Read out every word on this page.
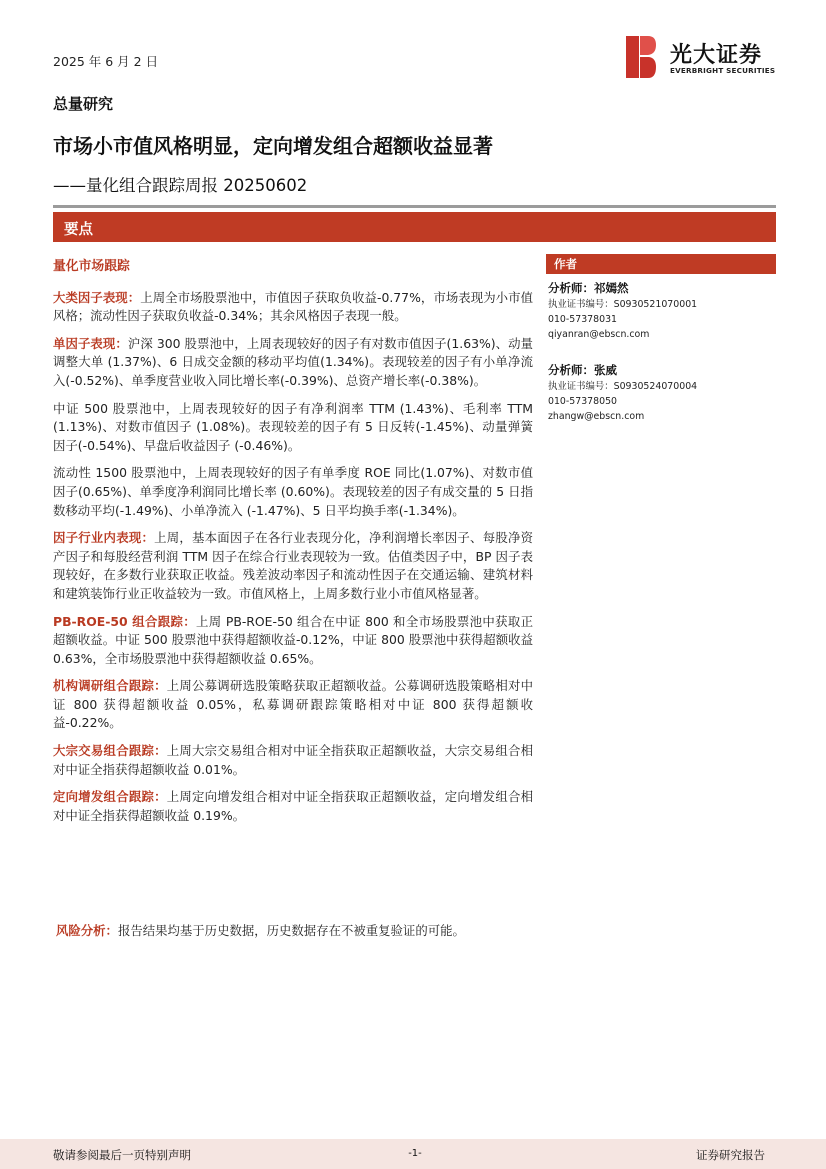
2025 年 6 月 2 日	光大证券
EVERBRIGHT SECURITIES
总量研究
市场小市值风格明显，定向增发组合超额收益显著
——量化组合跟踪周报 20250602
要点

量化市场跟踪

大类因子表现：上周全市场股票池中，市值因子获取负收益-0.77%，市场表现为小市值风格；流动性因子获取负收益-0.34%；其余风格因子表现一般。

单因子表现：沪深 300 股票池中，上周表现较好的因子有对数市值因子(1.63%)、动量调整大单 (1.37%)、6 日成交金额的移动平均值(1.34%)。表现较差的因子有小单净流入(-0.52%)、单季度营业收入同比增长率(-0.39%)、总资产增长率(-0.38%)。

中证 500 股票池中，上周表现较好的因子有净利润率 TTM (1.43%)、毛利率 TTM (1.13%)、对数市值因子 (1.08%)。表现较差的因子有 5 日反转(-1.45%)、动量弹簧因子(-0.54%)、早盘后收益因子 (-0.46%)。

流动性 1500 股票池中，上周表现较好的因子有单季度 ROE 同比(1.07%)、对数市值因子(0.65%)、单季度净利润同比增长率 (0.60%)。表现较差的因子有成交量的 5 日指数移动平均(-1.49%)、小单净流入 (-1.47%)、5 日平均换手率(-1.34%)。

因子行业内表现：上周，基本面因子在各行业表现分化，净利润增长率因子、每股净资产因子和每股经营利润 TTM 因子在综合行业表现较为一致。估值类因子中，BP 因子表现较好，在多数行业获取正收益。残差波动率因子和流动性因子在交通运输、建筑材料和建筑装饰行业正收益较为一致。市值风格上，上周多数行业小市值风格显著。

PB-ROE-50 组合跟踪：上周 PB-ROE-50 组合在中证 800 和全市场股票池中获取正超额收益。中证 500 股票池中获得超额收益-0.12%，中证 800 股票池中获得超额收益 0.63%，全市场股票池中获得超额收益 0.65%。

机构调研组合跟踪：上周公募调研选股策略获取正超额收益。公募调研选股策略相对中证 800 获得超额收益 0.05%，私募调研跟踪策略相对中证 800 获得超额收益-0.22%。

大宗交易组合跟踪：上周大宗交易组合相对中证全指获取正超额收益，大宗交易组合相对中证全指获得超额收益 0.01%。

定向增发组合跟踪：上周定向增发组合相对中证全指获取正超额收益，定向增发组合相对中证全指获得超额收益 0.19%。

作者
分析师：祁嫣然
执业证书编号：S0930521070001
010-57378031
qiyanran@ebscn.com
分析师：张威
执业证书编号：S0930524070004
010-57378050
zhangw@ebscn.com
风险分析：报告结果均基于历史数据，历史数据存在不被重复验证的可能。
敬请参阅最后一页特别声明	-1-	证券研究报告
